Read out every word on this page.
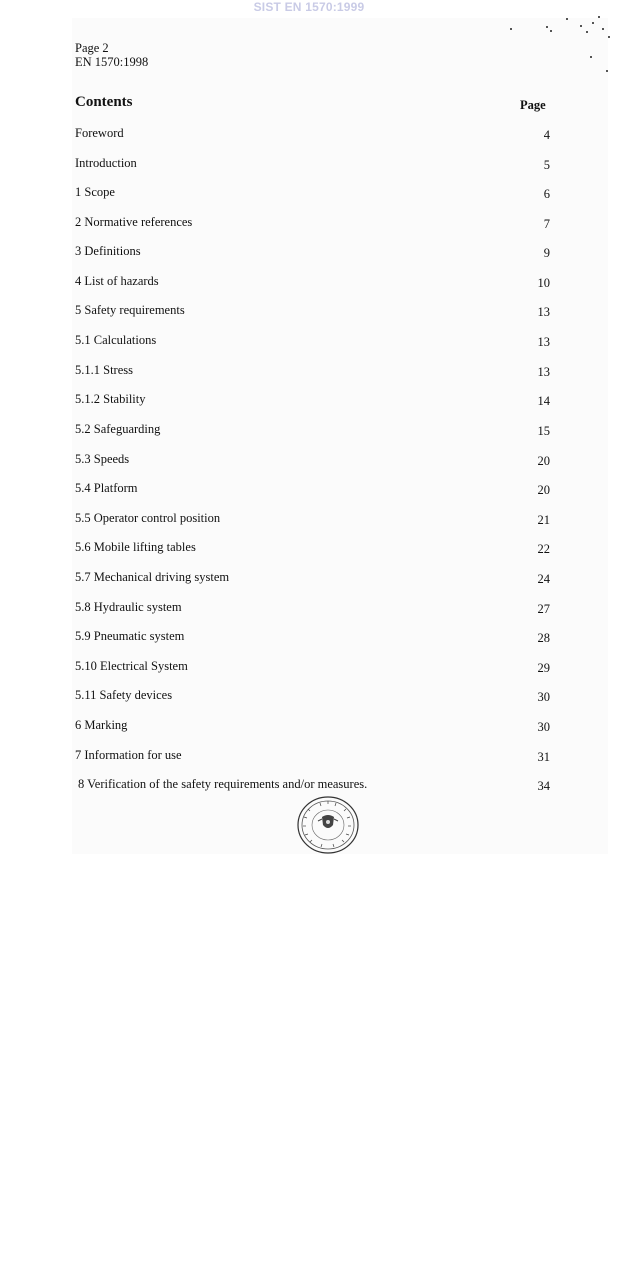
SIST EN 1570:1999
Page 2
EN 1570:1998
Contents	Page
Foreword	4
Introduction	5
1 Scope	6
2 Normative references	7
3 Definitions	9
4 List of hazards	10
5 Safety requirements	13
5.1 Calculations	13
5.1.1 Stress	13
5.1.2 Stability	14
5.2 Safeguarding	15
5.3 Speeds	20
5.4 Platform	20
5.5 Operator control position	21
5.6 Mobile lifting tables	22
5.7 Mechanical driving system	24
5.8 Hydraulic system	27
5.9 Pneumatic system	28
5.10 Electrical System	29
5.11 Safety devices	30
6 Marking	30
7 Information for use	31
8 Verification of the safety requirements and/or measures.	34
